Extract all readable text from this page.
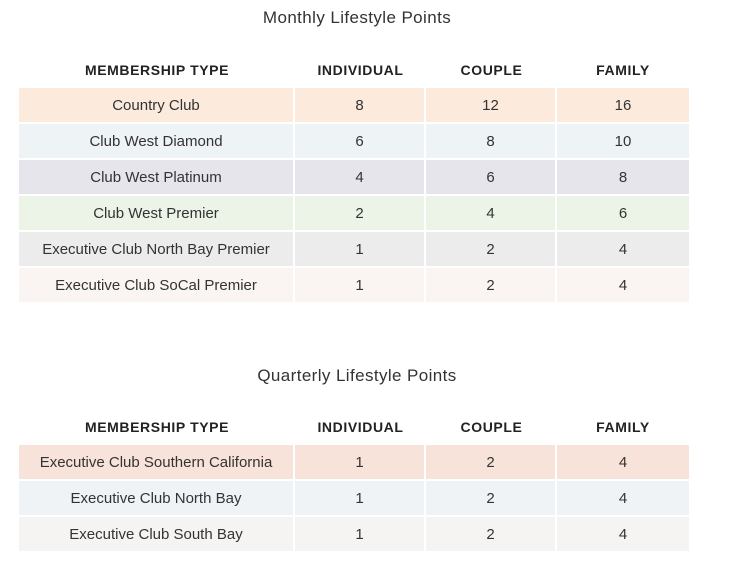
Monthly Lifestyle Points
MEMBERSHIP TYPE	INDIVIDUAL	COUPLE	FAMILY
Country Club	8	12	16
Club West Diamond	6	8	10
Club West Platinum	4	6	8
Club West Premier	2	4	6
Executive Club North Bay Premier	1	2	4
Executive Club SoCal Premier	1	2	4
Quarterly Lifestyle Points
MEMBERSHIP TYPE	INDIVIDUAL	COUPLE	FAMILY
Executive Club Southern California	1	2	4
Executive Club North Bay	1	2	4
Executive Club South Bay	1	2	4
